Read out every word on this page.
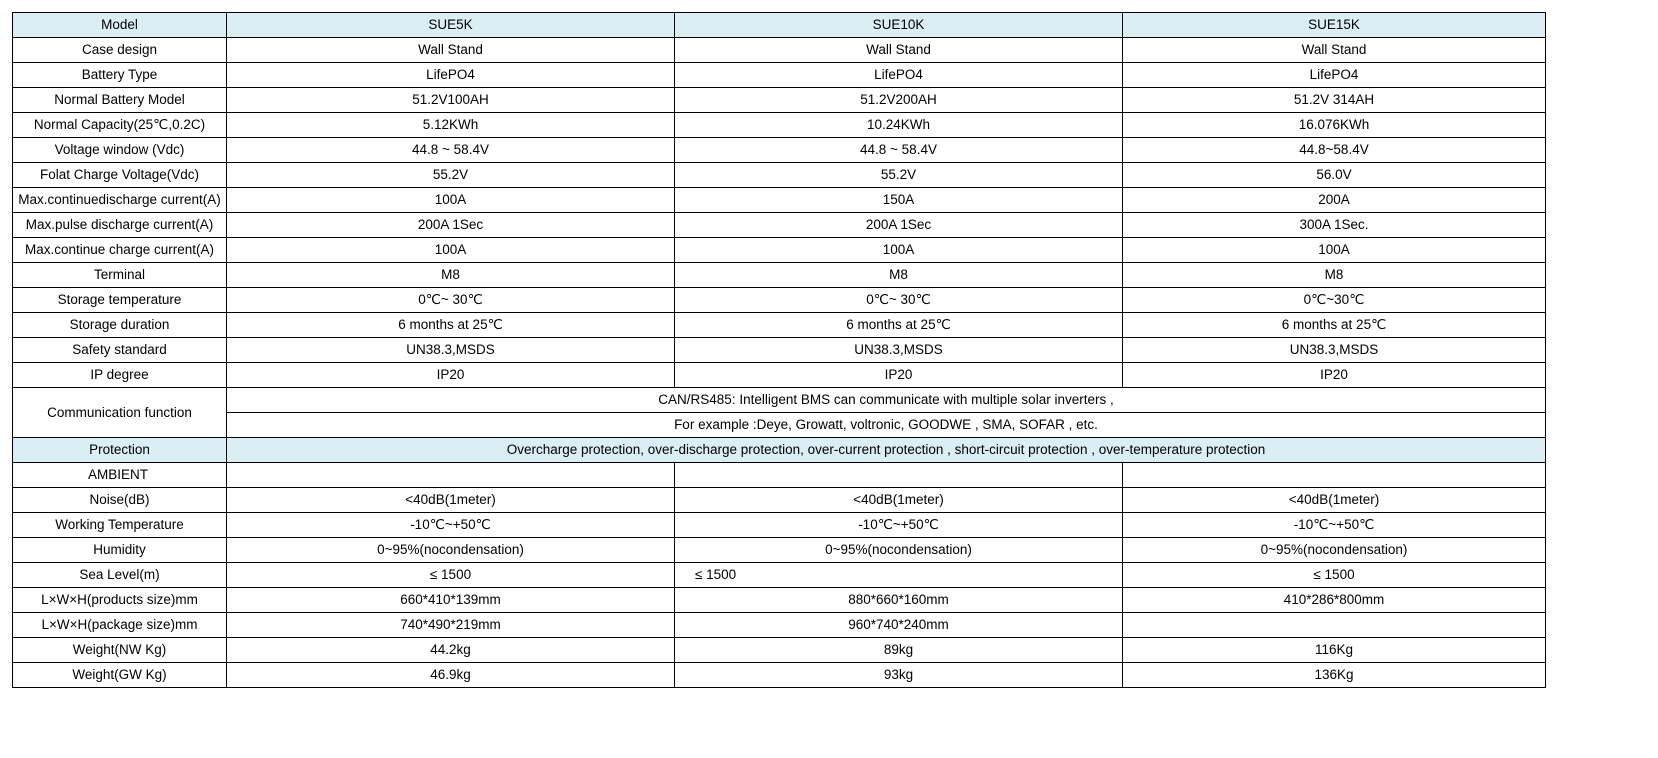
Model	SUE5K	SUE10K	SUE15K
Case design	Wall Stand	Wall Stand	Wall Stand
Battery Type	LifePO4	LifePO4	LifePO4
Normal Battery Model	51.2V100AH	51.2V200AH	51.2V 314AH
Normal Capacity(25℃,0.2C)	5.12KWh	10.24KWh	16.076KWh
Voltage window (Vdc)	44.8 ~ 58.4V	44.8 ~ 58.4V	44.8~58.4V
Folat Charge Voltage(Vdc)	55.2V	55.2V	56.0V
Max.continuedischarge current(A)	100A	150A	200A
Max.pulse discharge current(A)	200A 1Sec	200A 1Sec	300A 1Sec.
Max.continue charge current(A)	100A	100A	100A
Terminal	M8	M8	M8
Storage temperature	0℃~ 30℃	0℃~ 30℃	0℃~30℃
Storage duration	6 months at 25℃	6 months at 25℃	6 months at 25℃
Safety standard	UN38.3,MSDS	UN38.3,MSDS	UN38.3,MSDS
IP degree	IP20	IP20	IP20
Communication function	CAN/RS485: Intelligent BMS can communicate with multiple solar inverters ,		
	For example :Deye, Growatt, voltronic, GOODWE , SMA, SOFAR , etc.		
Protection	Overcharge protection, over-discharge protection, over-current protection , short-circuit protection , over-temperature protection		
AMBIENT			
Noise(dB)	<40dB(1meter)	<40dB(1meter)	<40dB(1meter)
Working Temperature	-10℃~+50℃	-10℃~+50℃	-10℃~+50℃
Humidity	0~95%(nocondensation)	0~95%(nocondensation)	0~95%(nocondensation)
Sea Level(m)	≤ 1500	≤ 1500	≤ 1500
L×W×H(products size)mm	660*410*139mm	880*660*160mm	410*286*800mm
L×W×H(package size)mm	740*490*219mm	960*740*240mm	
Weight(NW Kg)	44.2kg	89kg	116Kg
Weight(GW Kg)	46.9kg	93kg	136Kg
